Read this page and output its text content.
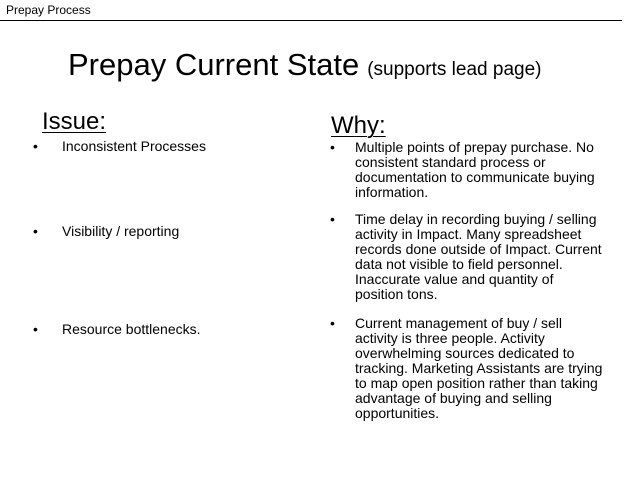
Prepay Process
Prepay Current State (supports lead page)
Issue:
•	Inconsistent Processes
•	Visibility / reporting
•	Resource bottlenecks.
Why:
•	Multiple points of prepay purchase. No consistent standard process or documentation to communicate buying information.
•	Time delay in recording buying / selling activity in Impact. Many spreadsheet records done outside of Impact. Current data not visible to field personnel. Inaccurate value and quantity of position tons.
•	Current management of buy / sell activity is three people. Activity overwhelming sources dedicated to tracking. Marketing Assistants are trying to map open position rather than taking advantage of buying and selling opportunities.
